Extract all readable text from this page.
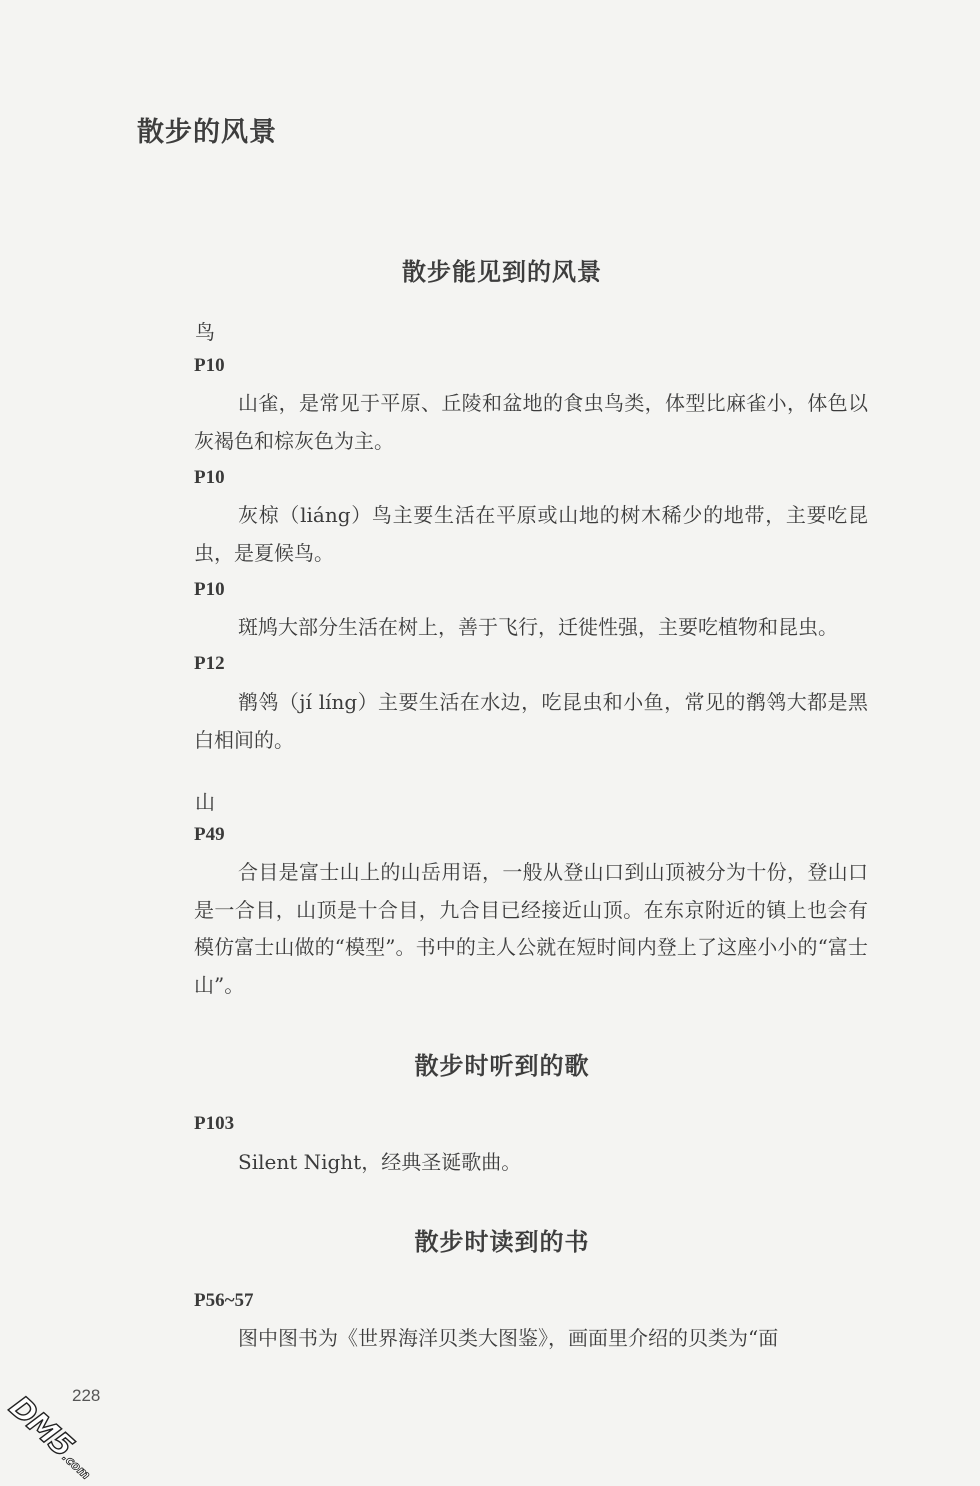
散步的风景
散步能见到的风景
鸟
P10
山雀，是常见于平原、丘陵和盆地的食虫鸟类，体型比麻雀小，体色以灰褐色和棕灰色为主。
P10
灰椋（liáng）鸟主要生活在平原或山地的树木稀少的地带，主要吃昆虫，是夏候鸟。
P10
斑鸠大部分生活在树上，善于飞行，迁徙性强，主要吃植物和昆虫。
P12
鹡鸰（jí líng）主要生活在水边，吃昆虫和小鱼，常见的鹡鸰大都是黑白相间的。
山
P49
合目是富士山上的山岳用语，一般从登山口到山顶被分为十份，登山口是一合目，山顶是十合目，九合目已经接近山顶。在东京附近的镇上也会有模仿富士山做的“模型”。书中的主人公就在短时间内登上了这座小小的“富士山”。
散步时听到的歌
P103
Silent Night，经典圣诞歌曲。
散步时读到的书
P56~57
图中图书为《世界海洋贝类大图鉴》，画面里介绍的贝类为“面
228
DM5.com
